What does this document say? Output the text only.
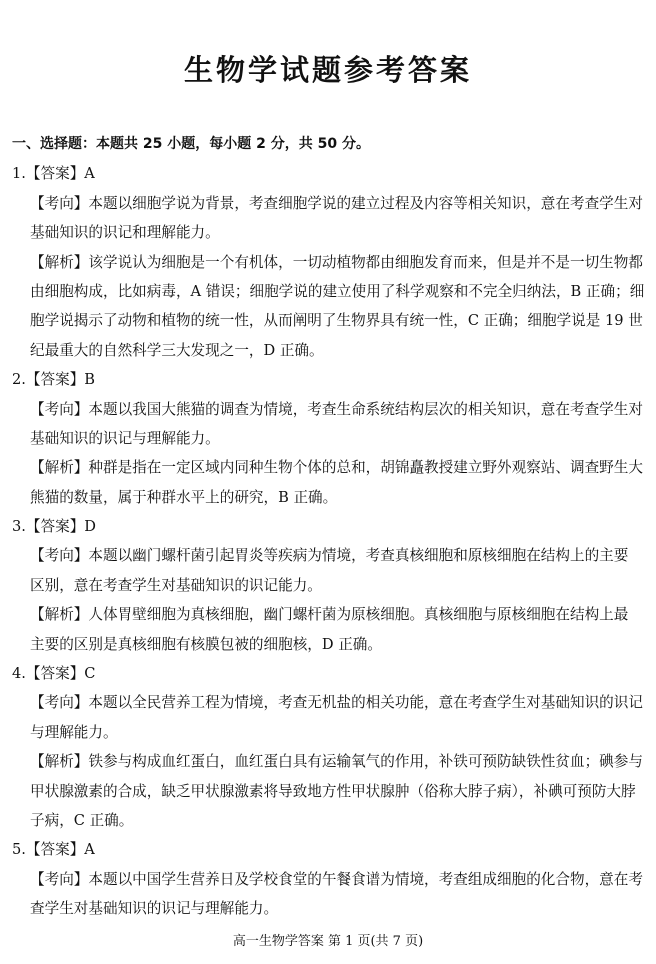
生物学试题参考答案
一、选择题：本题共 25 小题，每小题 2 分，共 50 分。
1.【答案】A
【考向】本题以细胞学说为背景，考查细胞学说的建立过程及内容等相关知识，意在考查学生对
基础知识的识记和理解能力。
【解析】该学说认为细胞是一个有机体，一切动植物都由细胞发育而来，但是并不是一切生物都
由细胞构成，比如病毒，A 错误；细胞学说的建立使用了科学观察和不完全归纳法，B 正确；细
胞学说揭示了动物和植物的统一性，从而阐明了生物界具有统一性，C 正确；细胞学说是 19 世
纪最重大的自然科学三大发现之一，D 正确。
2.【答案】B
【考向】本题以我国大熊猫的调查为情境，考查生命系统结构层次的相关知识，意在考查学生对
基础知识的识记与理解能力。
【解析】种群是指在一定区域内同种生物个体的总和，胡锦矗教授建立野外观察站、调查野生大
熊猫的数量，属于种群水平上的研究，B 正确。
3.【答案】D
【考向】本题以幽门螺杆菌引起胃炎等疾病为情境，考查真核细胞和原核细胞在结构上的主要
区别，意在考查学生对基础知识的识记能力。
【解析】人体胃壁细胞为真核细胞，幽门螺杆菌为原核细胞。真核细胞与原核细胞在结构上最
主要的区别是真核细胞有核膜包被的细胞核，D 正确。
4.【答案】C
【考向】本题以全民营养工程为情境，考查无机盐的相关功能，意在考查学生对基础知识的识记
与理解能力。
【解析】铁参与构成血红蛋白，血红蛋白具有运输氧气的作用，补铁可预防缺铁性贫血；碘参与
甲状腺激素的合成，缺乏甲状腺激素将导致地方性甲状腺肿（俗称大脖子病），补碘可预防大脖
子病，C 正确。
5.【答案】A
【考向】本题以中国学生营养日及学校食堂的午餐食谱为情境，考查组成细胞的化合物，意在考
查学生对基础知识的识记与理解能力。
高一生物学答案 第 1 页(共 7 页)
